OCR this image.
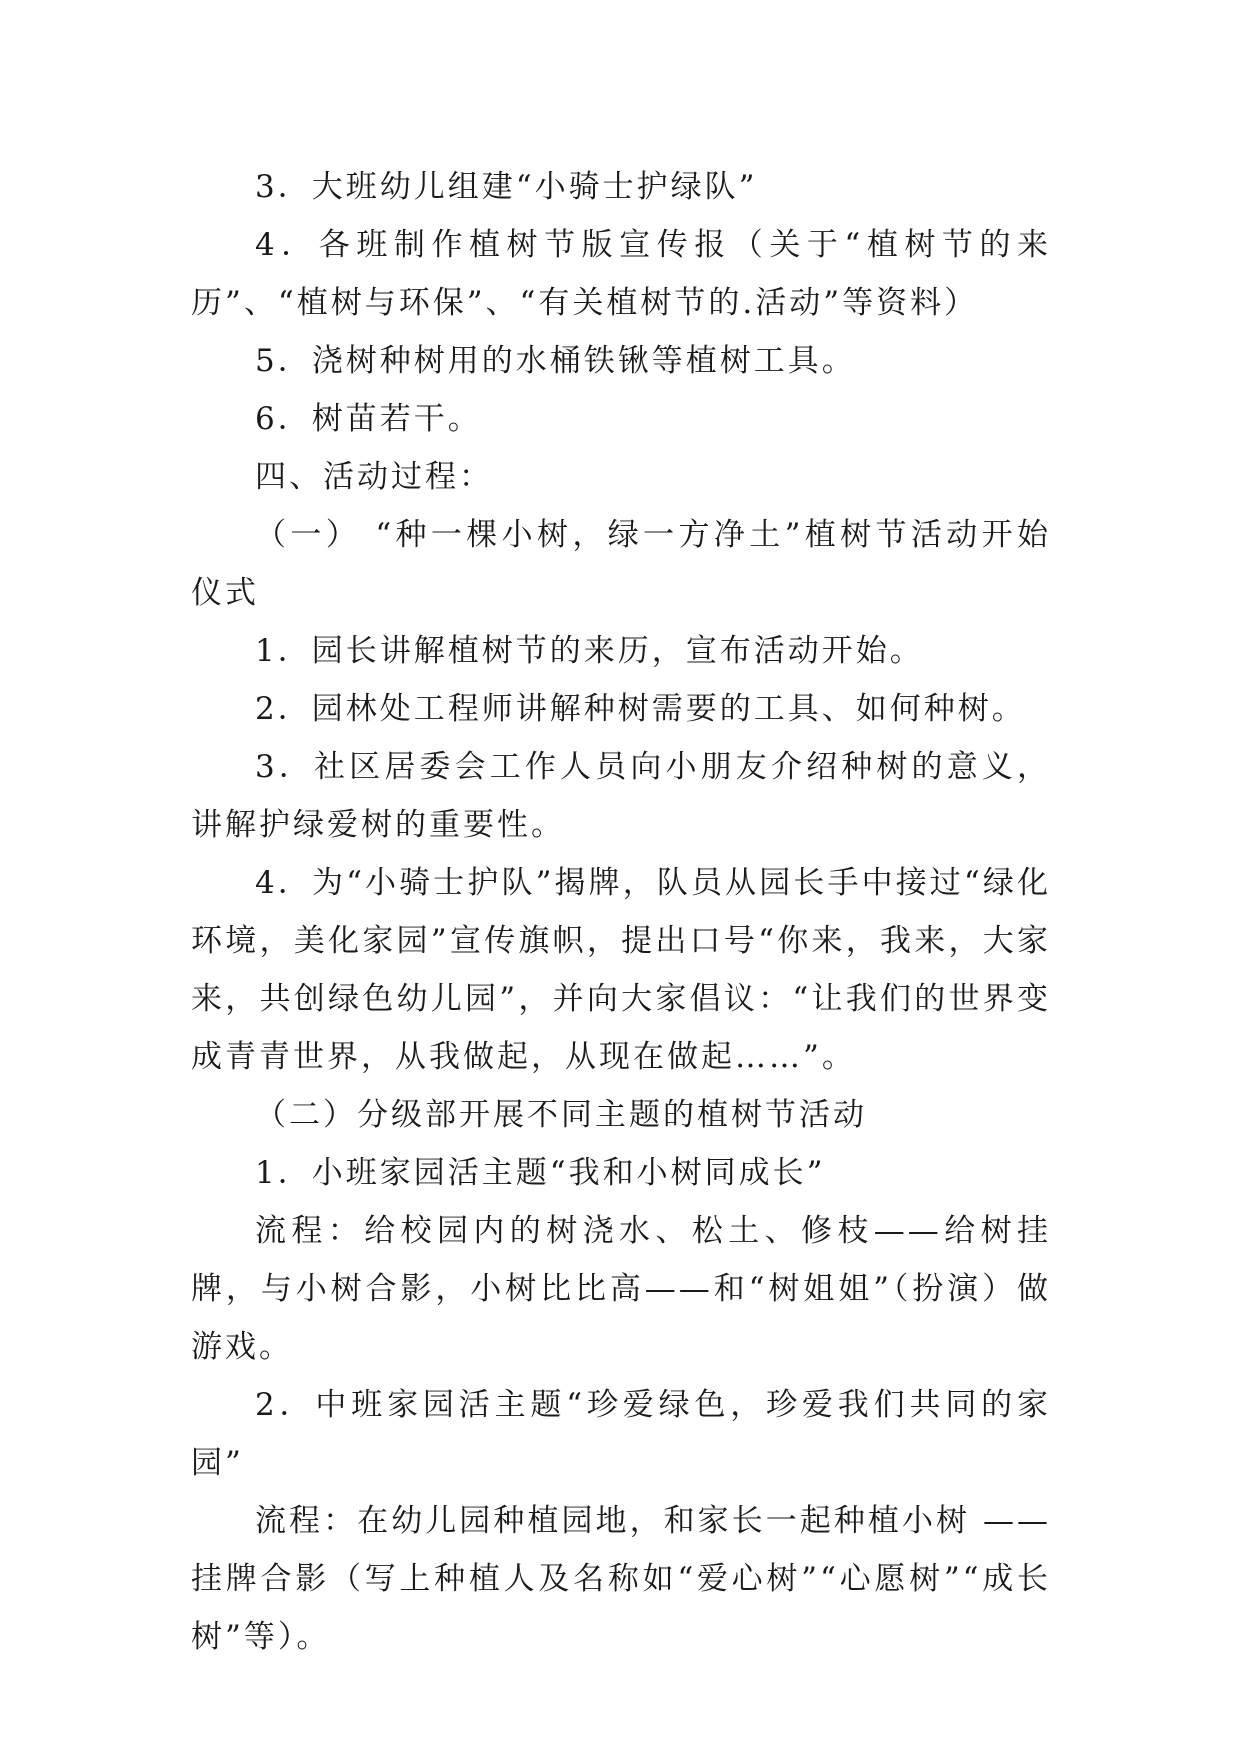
3．大班幼儿组建“小骑士护绿队”

4．各班制作植树节版宣传报（关于“植树节的来历”、“植树与环保”、“有关植树节的.活动”等资料）

5．浇树种树用的水桶铁锹等植树工具。

6．树苗若干。

四、活动过程：

（一） “种一棵小树，绿一方净土”植树节活动开始仪式

1．园长讲解植树节的来历，宣布活动开始。

2．园林处工程师讲解种树需要的工具、如何种树。

3．社区居委会工作人员向小朋友介绍种树的意义，讲解护绿爱树的重要性。

4．为“小骑士护队”揭牌，队员从园长手中接过“绿化环境，美化家园”宣传旗帜，提出口号“你来，我来，大家来，共创绿色幼儿园”，并向大家倡议：“让我们的世界变成青青世界，从我做起，从现在做起……”。

（二）分级部开展不同主题的植树节活动

1．小班家园活主题“我和小树同成长”

流程：给校园内的树浇水、松土、修枝——给树挂牌，与小树合影，小树比比高——和“树姐姐”（扮演）做游戏。

2．中班家园活主题“珍爱绿色，珍爱我们共同的家园”

流程：在幼儿园种植园地，和家长一起种植小树 ——挂牌合影（写上种植人及名称如“爱心树”“心愿树”“成长树”等）。
